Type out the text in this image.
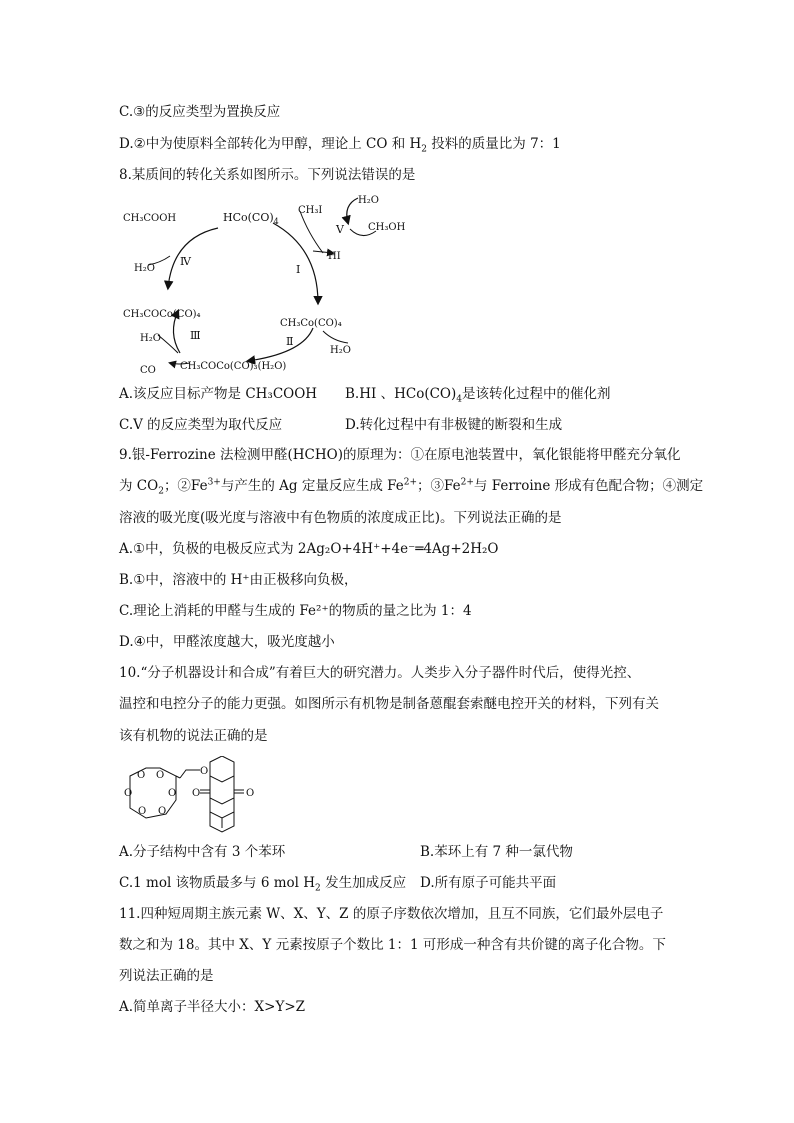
C.③的反应类型为置换反应
D.②中为使原料全部转化为甲醇，理论上 CO 和 $H_2$ 投料的质量比为 7：1
8.某质间的转化关系如图所示。下列说法错误的是
$HCo(CO)_4$
CH₃COOH
CH₃I
H₂O
CH₃OH
HI
H₂O
CH₃COCo(CO)₄
CH₃Co(CO)₄
H₂O
CO CH₃COCo(CO)₃(H₂O)
H₂O
Ⅰ
Ⅱ
Ⅲ
Ⅳ
Ⅴ
A.该反应目标产物是 CH₃COOH B.HI 、$HCo(CO)_4$是该转化过程中的催化剂
C.V 的反应类型为取代反应	D.转化过程中有非极键的断裂和生成
9.银-Ferrozine 法检测甲醛(HCHO)的原理为：①在原电池装置中，氧化银能将甲醛充分氧化
为 $CO_2$；$②Fe^{3+}$与产生的 Ag 定量反应生成 $Fe^{2+}$；$③Fe^{2+}$与 Ferroine 形成有色配合物；④测定
溶液的吸光度(吸光度与溶液中有色物质的浓度成正比)。下列说法正确的是
A.①中，负极的电极反应式为 2Ag₂O+4H⁺+4e⁻═4Ag+2H₂O
B.①中，溶液中的 H⁺由正极移向负极，
C.理论上消耗的甲醛与生成的 Fe²⁺的物质的量之比为 1：4
D.④中，甲醛浓度越大，吸光度越小
10.“分子机器设计和合成”有着巨大的研究潜力。人类步入分子器件时代后，使得光控、
温控和电控分子的能力更强。如图所示有机物是制备蒽醌套索醚电控开关的材料，下列有关
该有机物的说法正确的是
O O
O	O
O O
O
O	O
A.分子结构中含有 3 个苯环	B.苯环上有 7 种一氯代物
C.1 mol 该物质最多与 6 mol $H_2$ 发生加成反应 D.所有原子可能共平面
11.四种短周期主族元素 W、X、Y、Z 的原子序数依次增加，且互不同族，它们最外层电子
数之和为 18。其中 X、Y 元素按原子个数比 1：1 可形成一种含有共价键的离子化合物。下
列说法正确的是
A.简单离子半径大小：X>Y>Z
